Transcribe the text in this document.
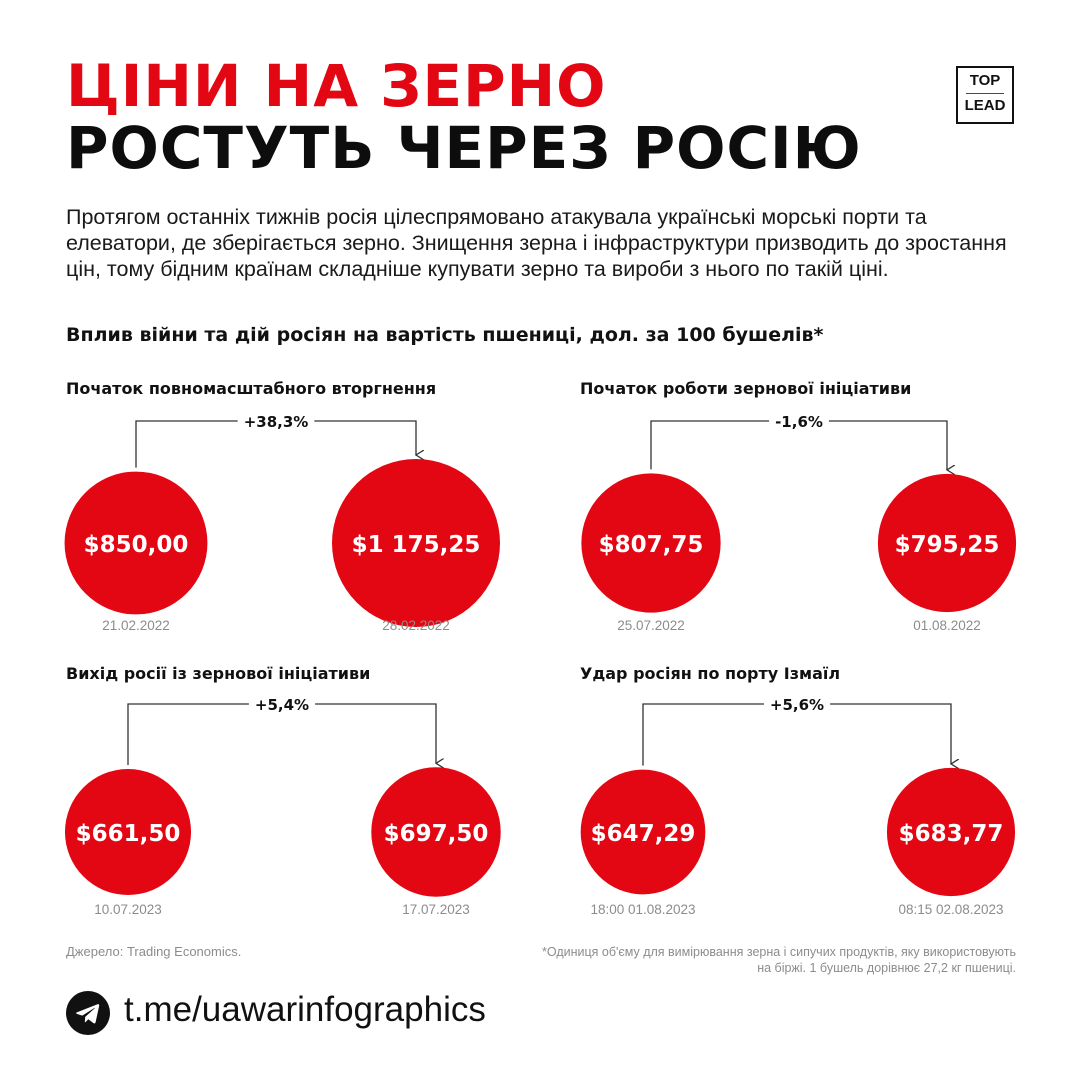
ЦІНИ НА ЗЕРНО
РОСТУТЬ ЧЕРЕЗ РОСІЮ
TOP
LEAD
Протягом останніх тижнів росія цілеспрямовано атакувала українські морські порти та елеватори, де зберігається зерно. Знищення зерна і інфраструктури призводить до зростання цін, тому бідним країнам складніше купувати зерно та вироби з нього по такій ціні.
Вплив війни та дій росіян на вартість пшениці, дол. за 100 бушелів*
Початок повномасштабного вторгнення
+38,3%
$850,00	$1 175,25
21.02.2022	28.02.2022
Початок роботи зернової ініціативи
-1,6%
$807,75	$795,25
25.07.2022	01.08.2022
Вихід росії із зернової ініціативи
+5,4%
$661,50	$697,50
10.07.2023	17.07.2023
Удар росіян по порту Ізмаїл
+5,6%
$647,29	$683,77
18:00 01.08.2023	08:15 02.08.2023
Джерело: Trading Economics.	*Одиниця об'єму для вимірювання зерна і сипучих продуктів, яку використовують на біржі. 1 бушель дорівнює 27,2 кг пшениці.
t.me/uawarinfographics
